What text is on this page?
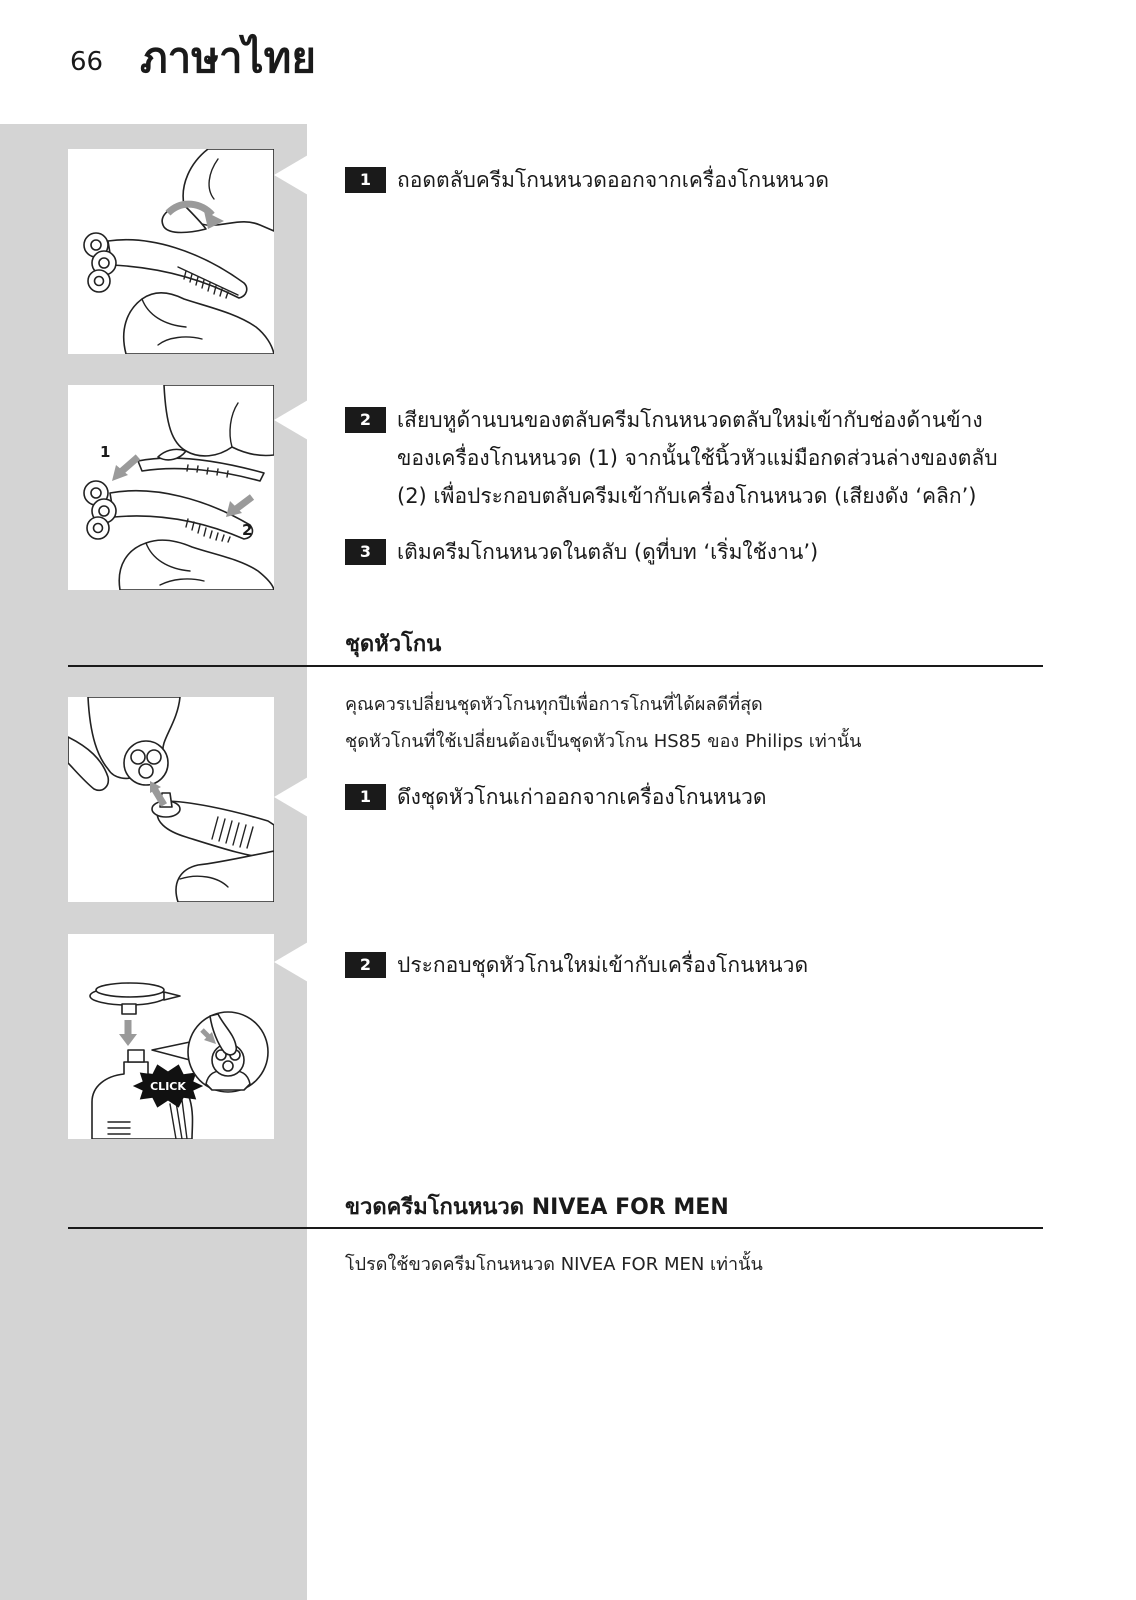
66 ภาษาไทย
1
2
CLICK
1	ถอดตลับครีมโกนหนวดออกจากเครื่องโกนหนวด
2	เสียบหูด้านบนของตลับครีมโกนหนวดตลับใหม่เข้ากับช่องด้านข้าง
ของเครื่องโกนหนวด (1) จากนั้นใช้นิ้วหัวแม่มือกดส่วนล่างของตลับ
(2) เพื่อประกอบตลับครีมเข้ากับเครื่องโกนหนวด (เสียงดัง ‘คลิก’)
3	เติมครีมโกนหนวดในตลับ (ดูที่บท ‘เริ่มใช้งาน’)
ชุดหัวโกน
คุณควรเปลี่ยนชุดหัวโกนทุกปีเพื่อการโกนที่ได้ผลดีที่สุด
ชุดหัวโกนที่ใช้เปลี่ยนต้องเป็นชุดหัวโกน HS85 ของ Philips เท่านั้น
1	ดึงชุดหัวโกนเก่าออกจากเครื่องโกนหนวด
2	ประกอบชุดหัวโกนใหม่เข้ากับเครื่องโกนหนวด
ขวดครีมโกนหนวด NIVEA FOR MEN
โปรดใช้ขวดครีมโกนหนวด NIVEA FOR MEN เท่านั้น
